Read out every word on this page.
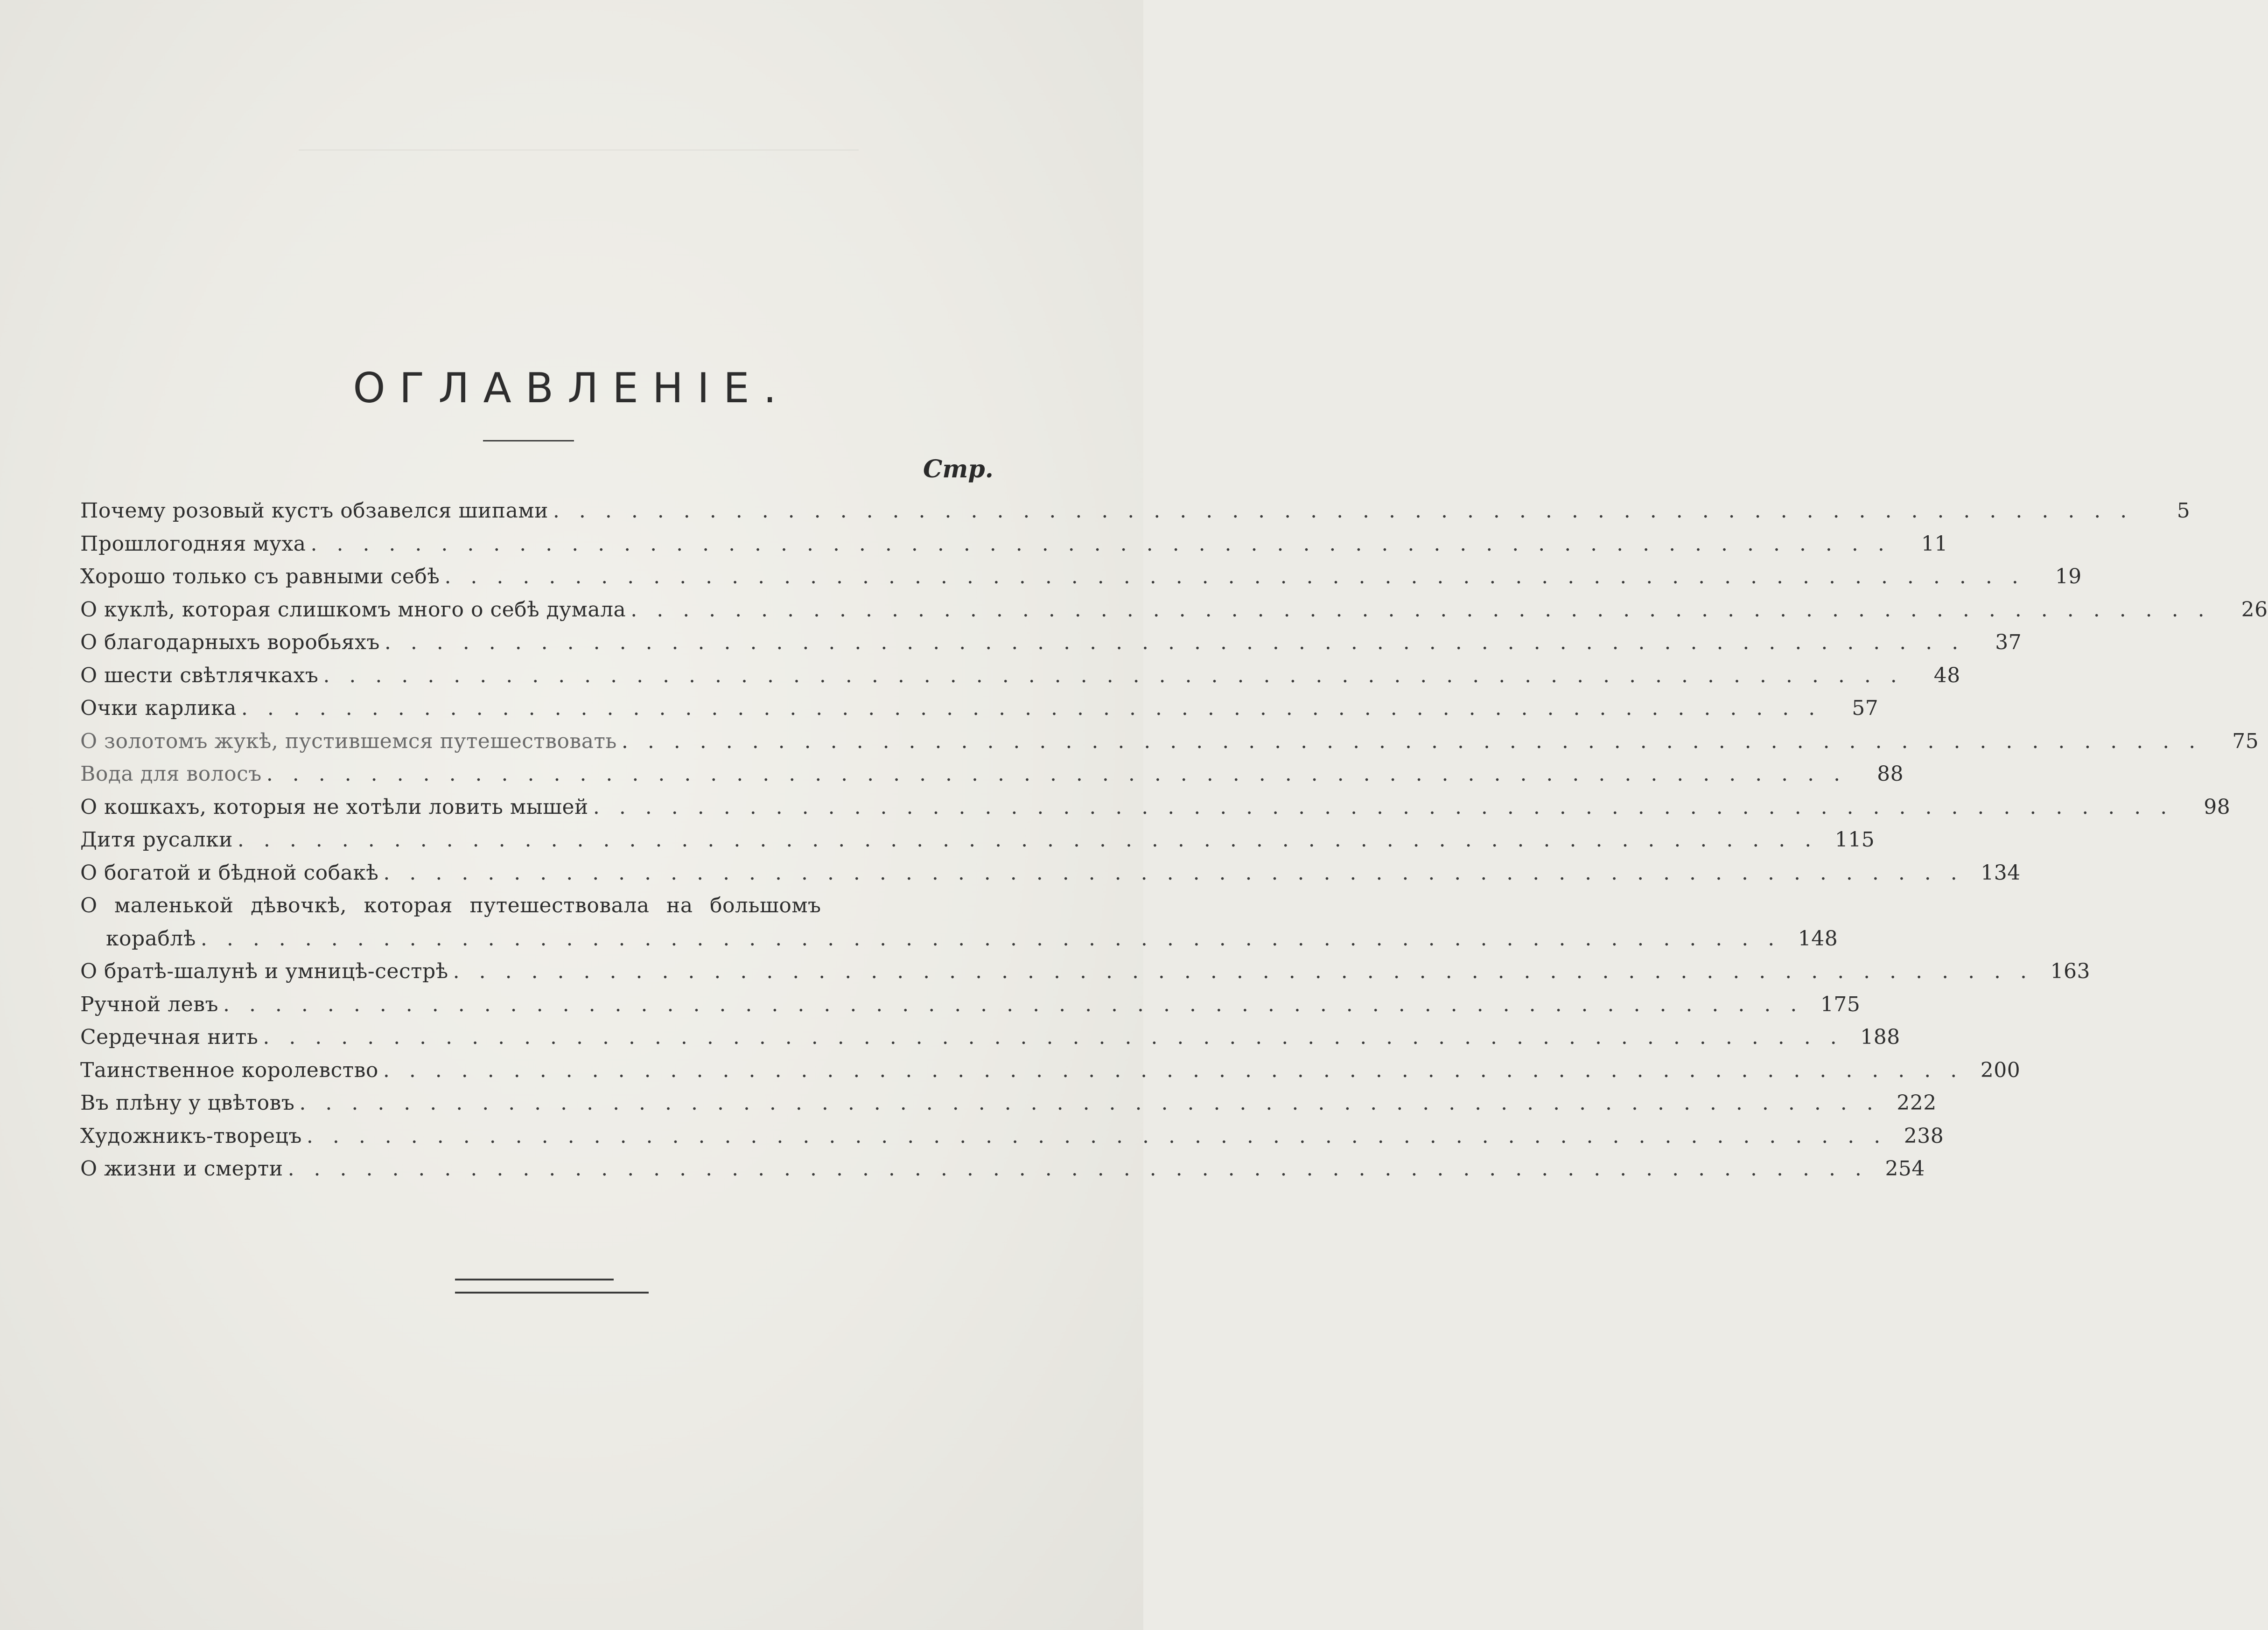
ОГЛАВЛЕНIЕ.
Стр.
Почему розовый кустъ обзавелся шипами . . . . . . . . . . . . . . . . . . . . . . . . . . . . . . . . . . . . . . . . . . . . . . . . . . . . . . . . . . . . .	5
Прошлогодняя муха . . . . . . . . . . . . . . . . . . . . . . . . . . . . . . . . . . . . . . . . . . . . . . . . . . . . . . . . . . . . .	11
Хорошо только съ равными себѣ . . . . . . . . . . . . . . . . . . . . . . . . . . . . . . . . . . . . . . . . . . . . . . . . . . . . . . . . . . . . .	19
О куклѣ, которая слишкомъ много о себѣ думала . . . . . . . . . . . . . . . . . . . . . . . . . . . . . . . . . . . . . . . . . . . . . . . . . . . . . . . . . . . . .	26
О благодарныхъ воробьяхъ . . . . . . . . . . . . . . . . . . . . . . . . . . . . . . . . . . . . . . . . . . . . . . . . . . . . . . . . . . . . .	37
О шести свѣтлячкахъ . . . . . . . . . . . . . . . . . . . . . . . . . . . . . . . . . . . . . . . . . . . . . . . . . . . . . . . . . . . . .	48
Очки карлика . . . . . . . . . . . . . . . . . . . . . . . . . . . . . . . . . . . . . . . . . . . . . . . . . . . . . . . . . . . . .	57
О золотомъ жукѣ, пустившемся путешествовать . . . . . . . . . . . . . . . . . . . . . . . . . . . . . . . . . . . . . . . . . . . . . . . . . . . . . . . . . . . . .	75
Вода для волосъ . . . . . . . . . . . . . . . . . . . . . . . . . . . . . . . . . . . . . . . . . . . . . . . . . . . . . . . . . . . . .	88
О кошкахъ, которыя не хотѣли ловить мышей . . . . . . . . . . . . . . . . . . . . . . . . . . . . . . . . . . . . . . . . . . . . . . . . . . . . . . . . . . . . .	98
Дитя русалки . . . . . . . . . . . . . . . . . . . . . . . . . . . . . . . . . . . . . . . . . . . . . . . . . . . . . . . . . . . . . 115
О богатой и бѣдной собакѣ . . . . . . . . . . . . . . . . . . . . . . . . . . . . . . . . . . . . . . . . . . . . . . . . . . . . . . . . . . . . . 134
О маленькой дѣвочкѣ, которая путешествовала на большомъ
кораблѣ . . . . . . . . . . . . . . . . . . . . . . . . . . . . . . . . . . . . . . . . . . . . . . . . . . . . . . . . . . . . . 148
О братѣ-шалунѣ и умницѣ-сестрѣ . . . . . . . . . . . . . . . . . . . . . . . . . . . . . . . . . . . . . . . . . . . . . . . . . . . . . . . . . . . . . 163
Ручной левъ . . . . . . . . . . . . . . . . . . . . . . . . . . . . . . . . . . . . . . . . . . . . . . . . . . . . . . . . . . . . . 175
Сердечная нить . . . . . . . . . . . . . . . . . . . . . . . . . . . . . . . . . . . . . . . . . . . . . . . . . . . . . . . . . . . . . 188
Таинственное королевство . . . . . . . . . . . . . . . . . . . . . . . . . . . . . . . . . . . . . . . . . . . . . . . . . . . . . . . . . . . . . 200
Въ плѣну у цвѣтовъ . . . . . . . . . . . . . . . . . . . . . . . . . . . . . . . . . . . . . . . . . . . . . . . . . . . . . . . . . . . . . 222
Художникъ-творецъ . . . . . . . . . . . . . . . . . . . . . . . . . . . . . . . . . . . . . . . . . . . . . . . . . . . . . . . . . . . . . 238
О жизни и смерти . . . . . . . . . . . . . . . . . . . . . . . . . . . . . . . . . . . . . . . . . . . . . . . . . . . . . . . . . . . . . 254
